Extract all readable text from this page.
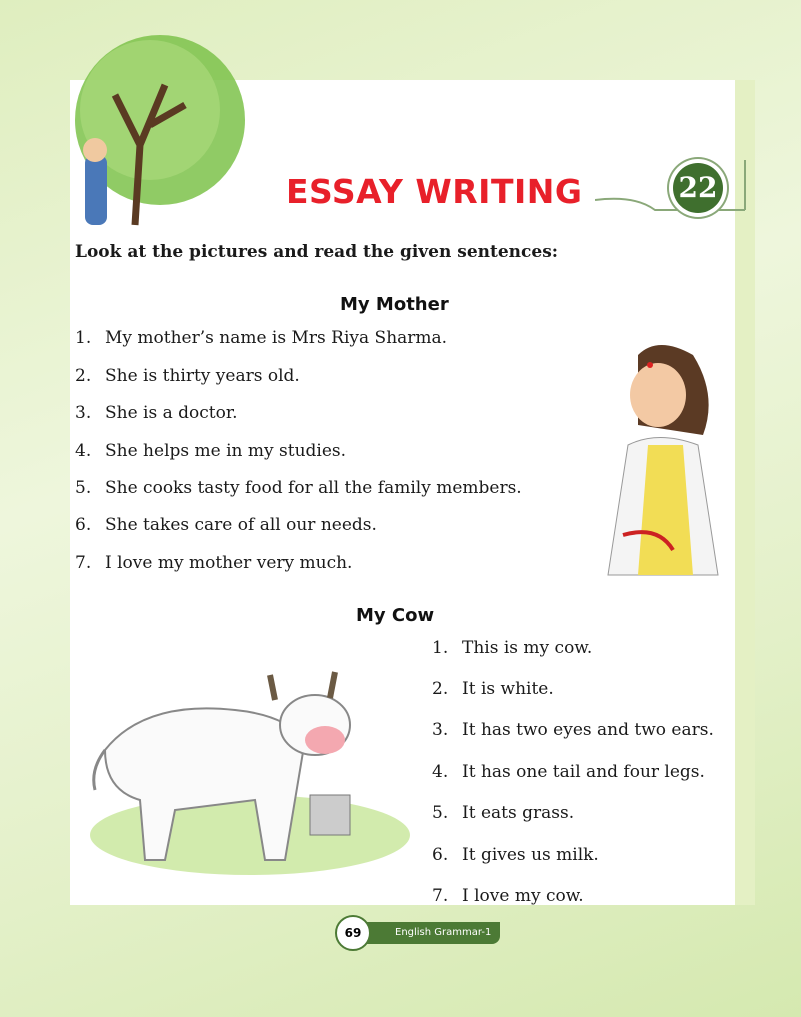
ESSAY WRITING	22
Look at the pictures and read the given sentences:
My Mother
1. My mother’s name is Mrs Riya Sharma.
2. She is thirty years old.
3. She is a doctor.
4. She helps me in my studies.
5. She cooks tasty food for all the family members.
6. She takes care of all our needs.
7. I love my mother very much.
My Cow
1. This is my cow.
2. It is white.
3. It has two eyes and two ears.
4. It has one tail and four legs.
5. It eats grass.
6. It gives us milk.
7. I love my cow.
English Grammar-1
69
